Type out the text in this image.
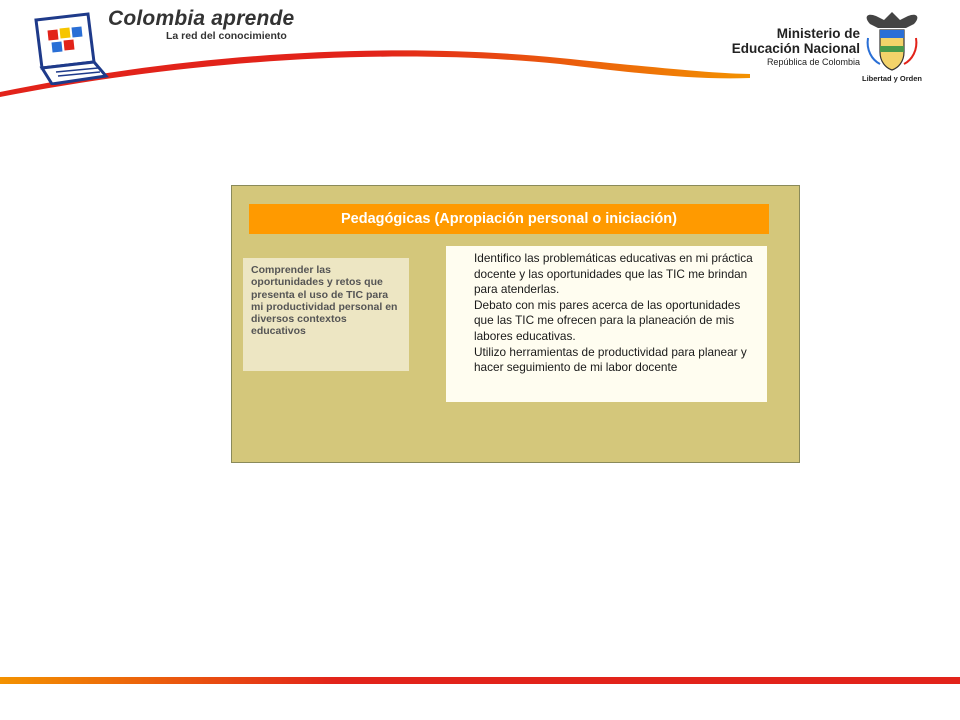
Colombia aprende
La red del conocimiento	Ministerio de
Educación Nacional
República de Colombia
Libertad y Orden
Pedagógicas (Apropiación personal o iniciación)
Comprender las oportunidades y retos que presenta el uso de TIC para mi productividad personal en diversos contextos educativos

Identifico las problemáticas educativas en mi práctica docente y las oportunidades que las TIC me brindan para atenderlas.

Debato con mis pares acerca de las oportunidades que las TIC me ofrecen para la planeación de mis labores educativas.

Utilizo herramientas de productividad para planear y hacer seguimiento de mi labor docente
